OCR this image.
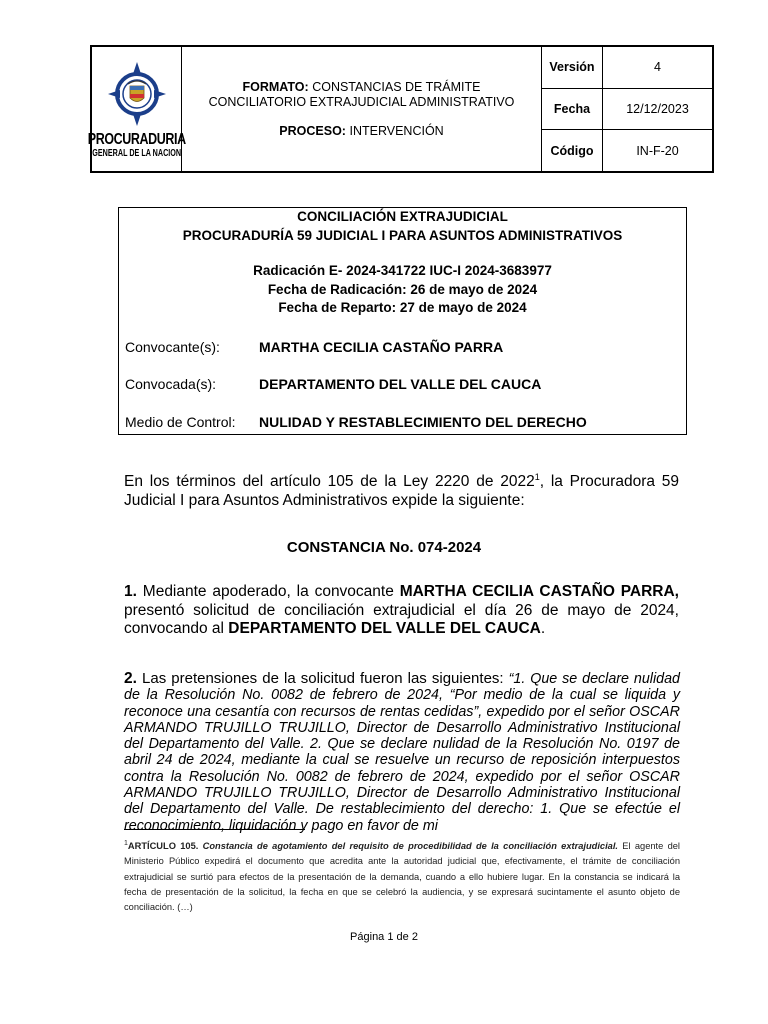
PROCURADURIA
GENERAL DE LA NACION
FORMATO: CONSTANCIAS DE TRÁMITE CONCILIATORIO EXTRAJUDICIAL ADMINISTRATIVO
PROCESO: INTERVENCIÓN
Versión	4
Fecha	12/12/2023
Código	IN-F-20
CONCILIACIÓN EXTRAJUDICIAL
PROCURADURÍA 59 JUDICIAL I PARA ASUNTOS ADMINISTRATIVOS
Radicación E- 2024-341722 IUC-I 2024-3683977
Fecha de Radicación: 26 de mayo de 2024
Fecha de Reparto: 27 de mayo de 2024
Convocante(s):	MARTHA CECILIA CASTAÑO PARRA
Convocada(s):	DEPARTAMENTO DEL VALLE DEL CAUCA
Medio de Control:	NULIDAD Y RESTABLECIMIENTO DEL DERECHO
En los términos del artículo 105 de la Ley 2220 de 2022$^1$, la Procuradora 59 Judicial I para Asuntos Administrativos expide la siguiente:
CONSTANCIA No. 074-2024
1. Mediante apoderado, la convocante MARTHA CECILIA CASTAÑO PARRA, presentó solicitud de conciliación extrajudicial el día 26 de mayo de 2024, convocando al DEPARTAMENTO DEL VALLE DEL CAUCA.
2. Las pretensiones de la solicitud fueron las siguientes: “1. Que se declare nulidad de la Resolución No. 0082 de febrero de 2024, “Por medio de la cual se liquida y reconoce una cesantía con recursos de rentas cedidas”, expedido por el señor OSCAR ARMANDO TRUJILLO TRUJILLO, Director de Desarrollo Administrativo Institucional del Departamento del Valle. 2. Que se declare nulidad de la Resolución No. 0197 de abril 24 de 2024, mediante la cual se resuelve un recurso de reposición interpuestos contra la Resolución No. 0082 de febrero de 2024, expedido por el señor OSCAR ARMANDO TRUJILLO TRUJILLO, Director de Desarrollo Administrativo Institucional del Departamento del Valle. De restablecimiento del derecho: 1. Que se efectúe el reconocimiento, liquidación y pago en favor de mi
$^1$ARTÍCULO 105. Constancia de agotamiento del requisito de procedibilidad de la conciliación extrajudicial. El agente del Ministerio Público expedirá el documento que acredita ante la autoridad judicial que, efectivamente, el trámite de conciliación extrajudicial se surtió para efectos de la presentación de la demanda, cuando a ello hubiere lugar. En la constancia se indicará la fecha de presentación de la solicitud, la fecha en que se celebró la audiencia, y se expresará sucintamente el asunto objeto de conciliación. (…)
Página 1 de 2
